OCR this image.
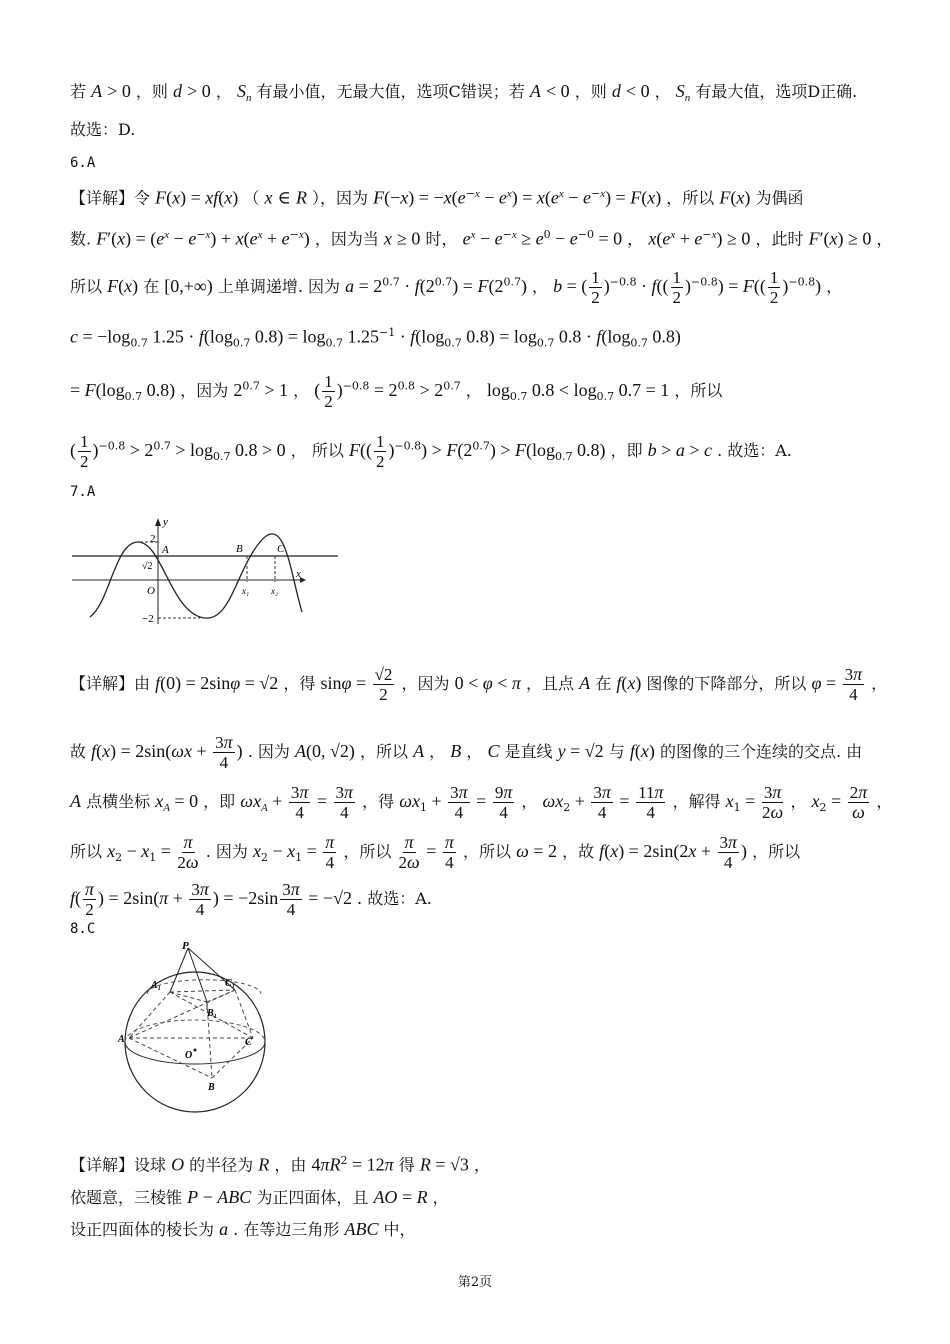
若 A > 0 ，则 d > 0 ， $S_n$ 有最小值，无最大值，选项C错误；若 A < 0 ，则 d < 0 ， $S_n$ 有最大值，选项D正确.
故选：D.
6.A
【详解】令 F(x) = xf(x) （ x ∈ R ），因为 $F(-x) = -x(e^{-x} - e^x) = x(e^x - e^{-x}) = F(x)$ ，所以 F(x) 为偶函
数. $F'(x) = (e^x - e^{-x}) + x(e^x + e^{-x})$ ，因为当 x ≥ 0 时， $e^x - e^{-x} \ge e^0 - e^{-0} = 0$ ， $x(e^x + e^{-x}) \ge 0$ ，此时 F′(x) ≥ 0 ，
所以 F(x) 在 [0,+∞) 上单调递增. 因为 $a = 2^{0.7} \cdot f(2^{0.7}) = F(2^{0.7})$ ， b = ( $\frac{1}{2} )^{-0.8} \cdot f(( \frac{1}{2} )^{-0.8}) = F(( \frac{1}{2} )^{-0.8})$ ，
$c = -\log_{0.7}$ $1.25 \cdot f(\log_{0.7}$ $0.8) = \log_{0.7} 1.25^{-1} \cdot f(\log_{0.7}$ $0.8) = \log_{0.7} 0.8 \cdot f(\log_{0.7}$ 0.8)
= $F(\log_{0.7}$ 0.8) ，因为 $2^{0.7} > 1$ ， ( $\frac{1}{2} )^{-0.8} = 2^{0.8} > 2^{0.7}$ ， $\log_{0.7} 0.8 < \log_{0.7} 0.7 = 1$ ，所以
( $\frac{1}{2} )^{-0.8} > 2^{0.7} > \log_{0.7} 0.8 > 0$ ， 所以 $F(( \frac{1}{2} )^{-0.8}) > F(2^{0.7}) > F(\log_{0.7}$ 0.8) ，即 b > a > c . 故选：A.
7.A
y
x
O
2
−2
√2
A	B	C
x₁ x₂
【详解】由 f(0) = 2sinφ = √2 ，得 $\sin\varphi = \frac{√2}{2}$ ，因为 0 < φ < π ，且点 A 在 f(x) 图像的下降部分，所以 $\varphi = \frac{3\pi}{4}$ ，
故 $f(x) = 2\sin(\omega x + \frac{3\pi}{4}$ ) . 因为 A(0, √2) ，所以 A ， B ， C 是直线 y = √2 与 f(x) 的图像的三个连续的交点. 由
A 点横坐标 $x_A = 0$ ，即 $\omega x_A + \frac{3\pi}{4} = \frac{3\pi}{4}$ ，得 $\omega x_1 + \frac{3\pi}{4} = \frac{9\pi}{4}$ ， $\omega x_2 + \frac{3\pi}{4} = \frac{11\pi}{4}$ ，解得 $x_1 = \frac{3\pi}{2\omega}$ ， $x_2 = \frac{2\pi}{\omega}$ ，
所以 $x_2 - x_1 = \frac{\pi}{2\omega}$ . 因为 $x_2 - x_1 = \frac{\pi}{4}$ ，所以 $\frac{\pi}{2\omega} = \frac{\pi}{4}$ ，所以 ω = 2 ，故 $f(x) = 2\sin(2x + \frac{3\pi}{4}$ ) ，所以
$f( \frac{\pi}{2}$ ) = $2\sin(\pi + \frac{3\pi}{4}$ ) = $-2\sin \frac{3\pi}{4} = -√2$ . 故选：A.
8.C
P
A₁
B₁
C₁
A
B
C
O
【详解】设球 O 的半径为 R ，由 $4\pi R^2 = 12\pi$ 得 R = √3 ，
依题意，三棱锥 P − ABC 为正四面体，且 AO = R ，
设正四面体的棱长为 a . 在等边三角形 ABC 中，
第2页
